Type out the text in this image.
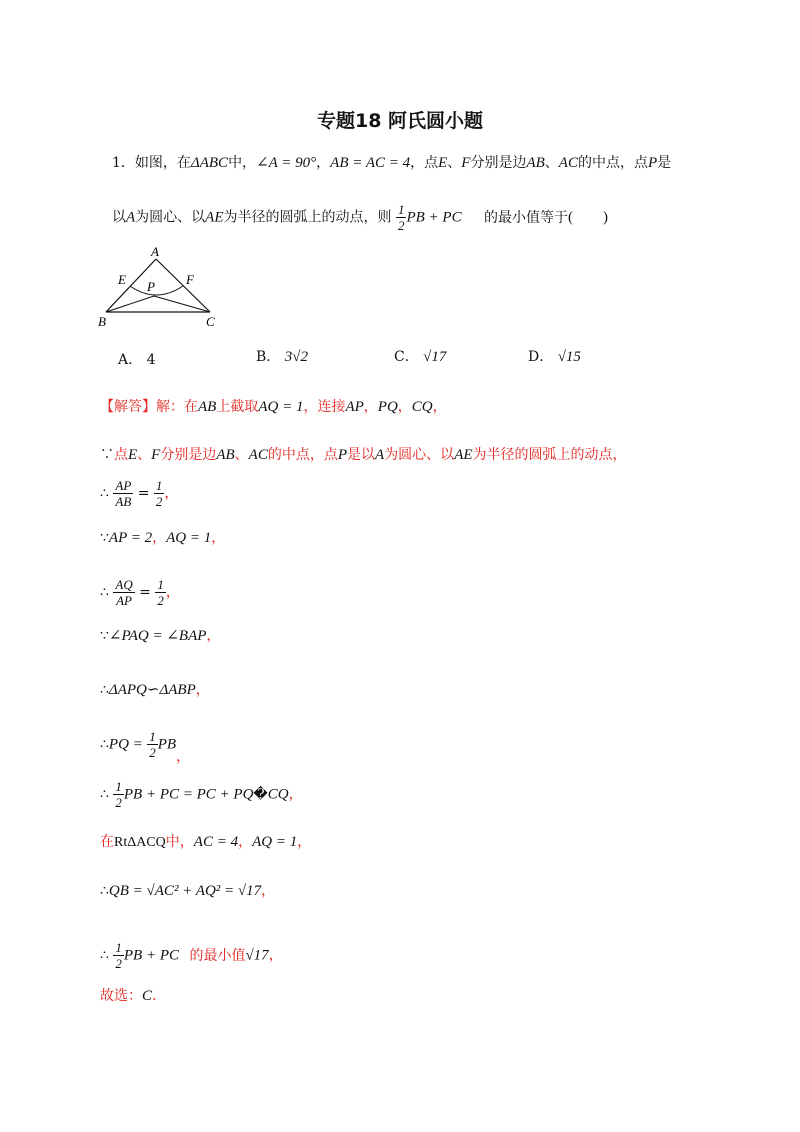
专题18 阿氏圆小题
1．如图，在ΔABC中，∠A = 90°，AB = AC = 4，点E、F分别是边AB、AC的中点，点P是
以A为圆心、以AE为半径的圆弧上的动点，则 $\frac{1}{2}$ PB + PC 的最小值等于(　　)
A
E	F
P
B	C
A． 4	B． 3√2	C． √17	D． √15
【解答】解：在AB上截取AQ = 1，连接AP，PQ，CQ，
∵点E、F分别是边AB、AC的中点，点P是以A为圆心、以AE为半径的圆弧上的动点，
∴ $\frac{AP}{AB} = \frac{1}{2}$ ，
∵AP = 2，AQ = 1，
∴ $\frac{AQ}{AP} = \frac{1}{2}$ ，
∵∠PAQ = ∠BAP，
∴ΔAPQ∽ΔABP，
∴PQ = $\frac{1}{2}$ PB，
∴ $\frac{1}{2}$ PB + PC = PC + PQ�CQ，
在RtΔACQ中，AC = 4，AQ = 1，
∴QB = √AC² + AQ² = √17，
∴ $\frac{1}{2}$ PB + PC 的最小值√17，
故选：C．
